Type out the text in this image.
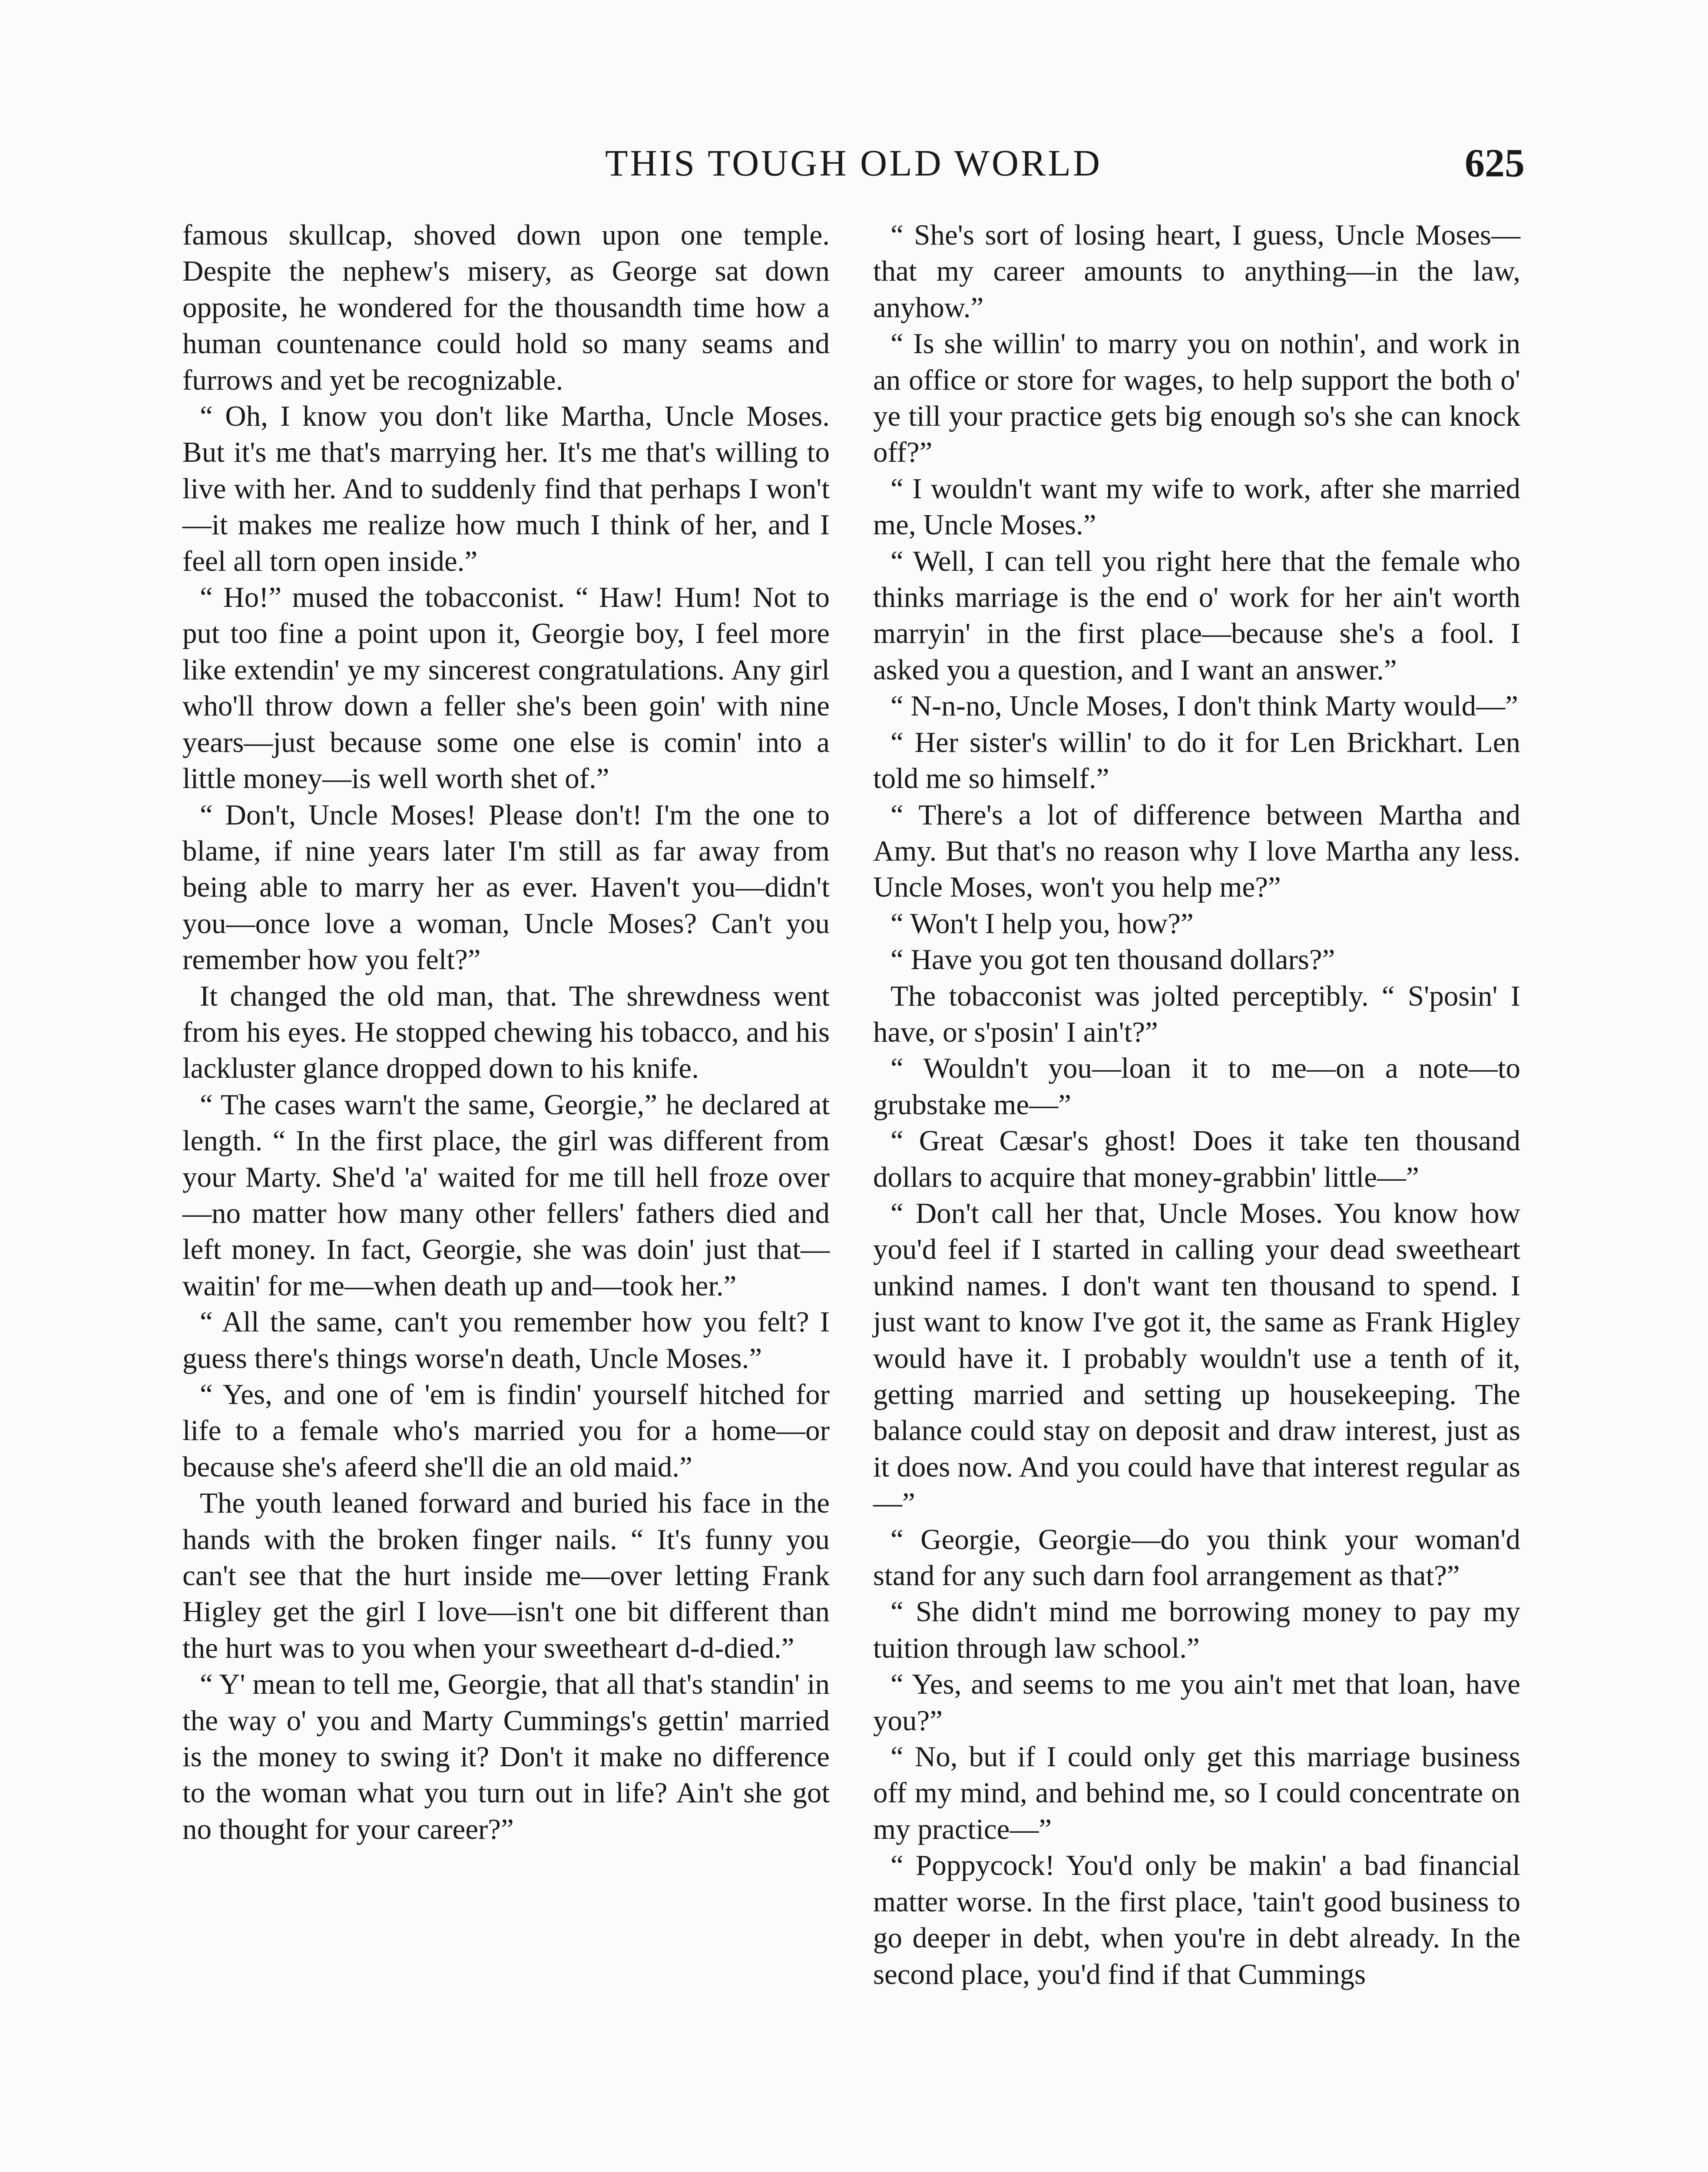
THIS TOUGH OLD WORLD	625

famous skullcap, shoved down upon one temple. Despite the nephew's misery, as George sat down opposite, he wondered for the thousandth time how a human countenance could hold so many seams and furrows and yet be recognizable.

“ Oh, I know you don't like Martha, Uncle Moses. But it's me that's marrying her. It's me that's willing to live with her. And to suddenly find that perhaps I won't —it makes me realize how much I think of her, and I feel all torn open inside.”

“ Ho!” mused the tobacconist. “ Haw! Hum! Not to put too fine a point upon it, Georgie boy, I feel more like extendin' ye my sincerest congratulations. Any girl who'll throw down a feller she's been goin' with nine years—just because some one else is comin' into a little money—is well worth shet of.”

“ Don't, Uncle Moses! Please don't! I'm the one to blame, if nine years later I'm still as far away from being able to marry her as ever. Haven't you—didn't you—once love a woman, Uncle Moses? Can't you remember how you felt?”

It changed the old man, that. The shrewdness went from his eyes. He stopped chewing his tobacco, and his lackluster glance dropped down to his knife.

“ The cases warn't the same, Georgie,” he declared at length. “ In the first place, the girl was different from your Marty. She'd 'a' waited for me till hell froze over—no matter how many other fellers' fathers died and left money. In fact, Georgie, she was doin' just that—waitin' for me—when death up and—took her.”

“ All the same, can't you remember how you felt? I guess there's things worse'n death, Uncle Moses.”

“ Yes, and one of 'em is findin' yourself hitched for life to a female who's married you for a home—or because she's afeerd she'll die an old maid.”

The youth leaned forward and buried his face in the hands with the broken finger nails. “ It's funny you can't see that the hurt inside me—over letting Frank Higley get the girl I love—isn't one bit different than the hurt was to you when your sweetheart d-d-died.”

“ Y' mean to tell me, Georgie, that all that's standin' in the way o' you and Marty Cummings's gettin' married is the money to swing it? Don't it make no difference to the woman what you turn out in life? Ain't she got no thought for your career?”

“ She's sort of losing heart, I guess, Uncle Moses—that my career amounts to anything—in the law, anyhow.”

“ Is she willin' to marry you on nothin', and work in an office or store for wages, to help support the both o' ye till your practice gets big enough so's she can knock off?”

“ I wouldn't want my wife to work, after she married me, Uncle Moses.”

“ Well, I can tell you right here that the female who thinks marriage is the end o' work for her ain't worth marryin' in the first place—because she's a fool. I asked you a question, and I want an answer.”

“ N-n-no, Uncle Moses, I don't think Marty would—”

“ Her sister's willin' to do it for Len Brickhart. Len told me so himself.”

“ There's a lot of difference between Martha and Amy. But that's no reason why I love Martha any less. Uncle Moses, won't you help me?”

“ Won't I help you, how?”

“ Have you got ten thousand dollars?”

The tobacconist was jolted perceptibly. “ S'posin' I have, or s'posin' I ain't?”

“ Wouldn't you—loan it to me—on a note—to grubstake me—”

“ Great Cæsar's ghost! Does it take ten thousand dollars to acquire that money-grabbin' little—”

“ Don't call her that, Uncle Moses. You know how you'd feel if I started in calling your dead sweetheart unkind names. I don't want ten thousand to spend. I just want to know I've got it, the same as Frank Higley would have it. I probably wouldn't use a tenth of it, getting married and setting up housekeeping. The balance could stay on deposit and draw interest, just as it does now. And you could have that interest regular as—”

“ Georgie, Georgie—do you think your woman'd stand for any such darn fool arrangement as that?”

“ She didn't mind me borrowing money to pay my tuition through law school.”

“ Yes, and seems to me you ain't met that loan, have you?”

“ No, but if I could only get this marriage business off my mind, and behind me, so I could concentrate on my practice—”

“ Poppycock! You'd only be makin' a bad financial matter worse. In the first place, 'tain't good business to go deeper in debt, when you're in debt already. In the second place, you'd find if that Cummings
